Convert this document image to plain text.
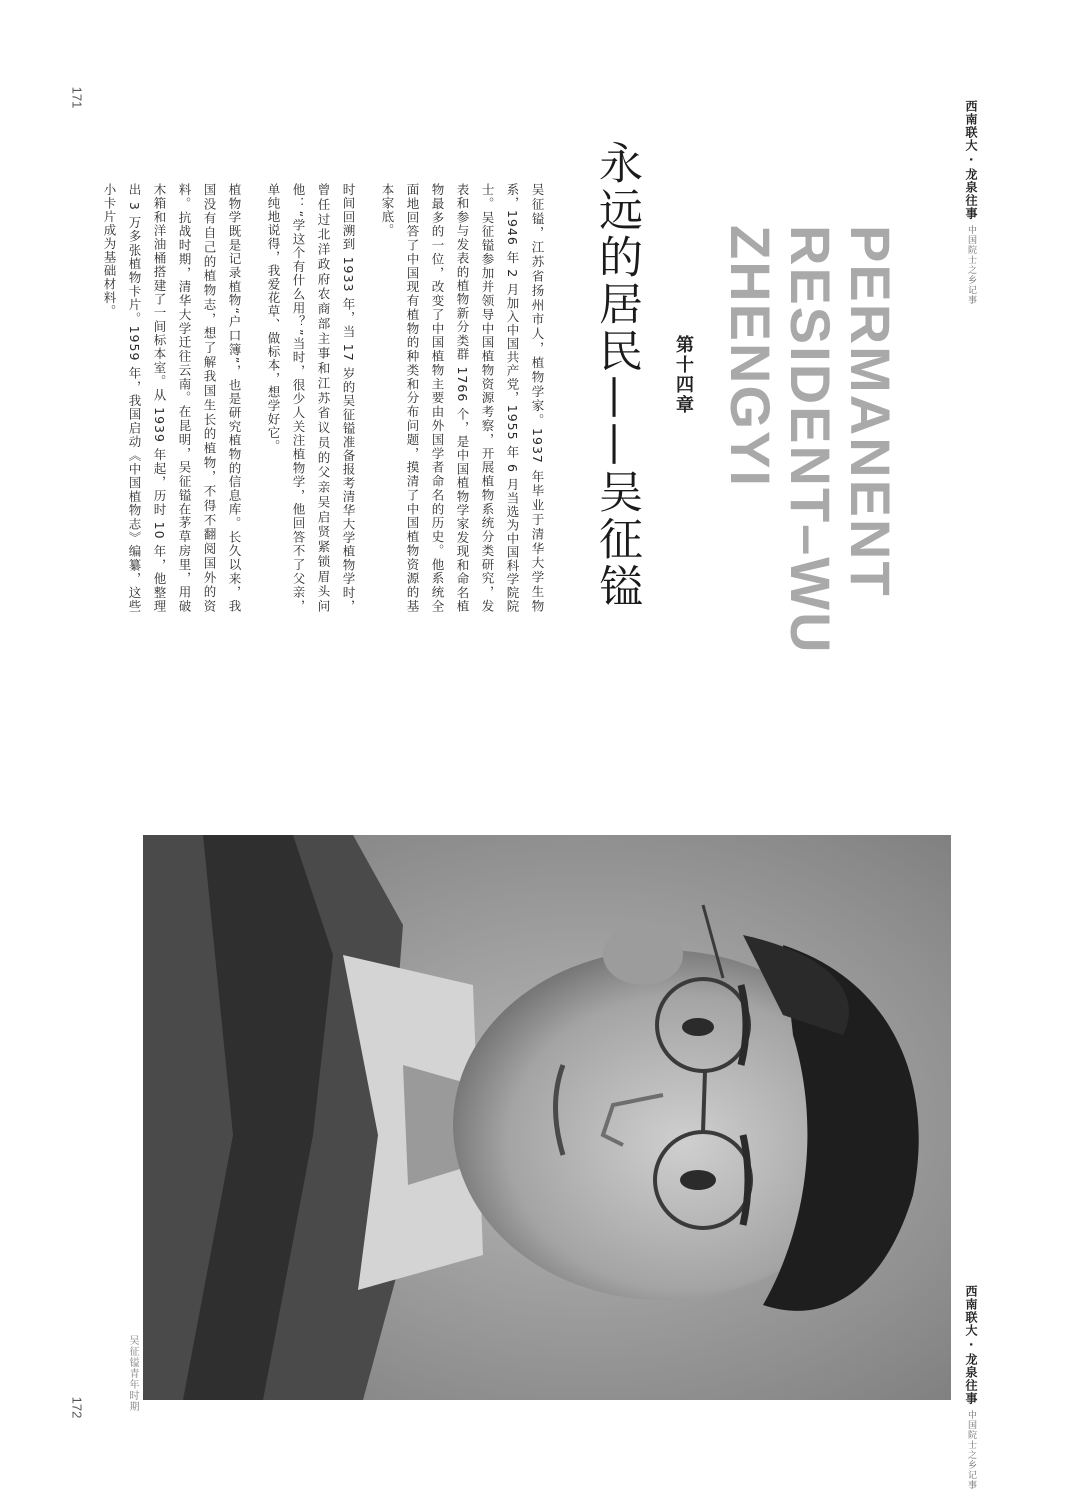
171
172
西南联大 · 龙泉往事 中国院士之乡记事
西南联大 · 龙泉往事 中国院士之乡记事
PERMANENT
RESIDENT–WU
ZHENGYI
第十四章
永远的居民——吴征镒

吴征镒，江苏省扬州市人，植物学家。1937 年毕业于清华大学生物系，1946 年 2 月加入中国共产党，1955 年 6 月当选为中国科学院院士。吴征镒参加并领导中国植物资源考察，开展植物系统分类研究，发表和参与发表的植物新分类群 1766 个，是中国植物学家发现和命名植物最多的一位，改变了中国植物主要由外国学者命名的历史。他系统全面地回答了中国现有植物的种类和分布问题，摸清了中国植物资源的基本家底。

时间回溯到 1933 年，当 17 岁的吴征镒准备报考清华大学植物学时，曾任过北洋政府农商部主事和江苏省议员的父亲吴启贤紧锁眉头问他：“学这个有什么用？”当时，很少人关注植物学，他回答不了父亲，单纯地说得，我爱花草、做标本，想学好它。

植物学既是记录植物“户口簿”，也是研究植物的信息库。长久以来，我国没有自己的植物志，想了解我国生长的植物，不得不翻阅国外的资料。抗战时期，清华大学迁往云南。在昆明，吴征镒在茅草房里，用破木箱和洋油桶搭建了一间标本室。从 1939 年起，历时 10 年，他整理出 3 万多张植物卡片。1959 年，我国启动《中国植物志》编纂，这些小卡片成为基础材料。

吴征镒青年时期
